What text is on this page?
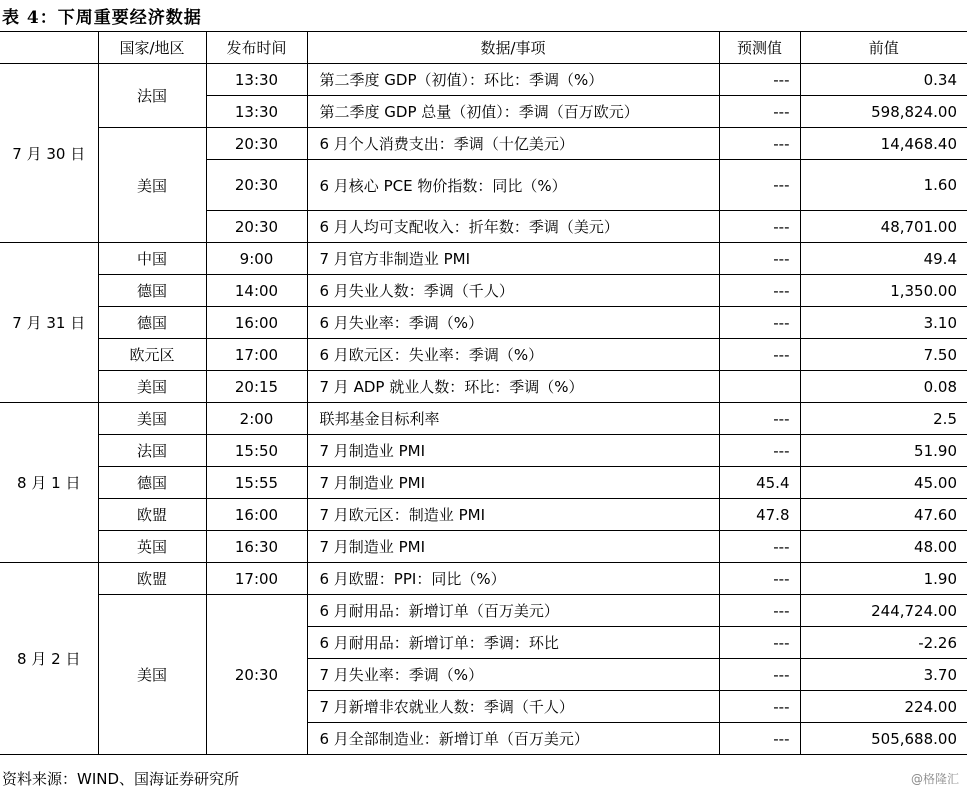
表 4：下周重要经济数据
	国家/地区	发布时间	数据/事项	预测值	前值
7 月 30 日	法国	13:30	第二季度 GDP（初值）：环比：季调（%）	---	0.34
		13:30	第二季度 GDP 总量（初值）：季调（百万欧元）	---	598,824.00
	美国	20:30	6 月个人消费支出：季调（十亿美元）	---	14,468.40
		20:30	6 月核心 PCE 物价指数：同比（%）	---	1.60
		20:30	6 月人均可支配收入：折年数：季调（美元）	---	48,701.00
7 月 31 日	中国	9:00	7 月官方非制造业 PMI	---	49.4
	德国	14:00	6 月失业人数：季调（千人）	---	1,350.00
	德国	16:00	6 月失业率：季调（%）	---	3.10
	欧元区	17:00	6 月欧元区：失业率：季调（%）	---	7.50
	美国	20:15	7 月 ADP 就业人数：环比：季调（%）		0.08
8 月 1 日	美国	2:00	联邦基金目标利率	---	2.5
	法国	15:50	7 月制造业 PMI	---	51.90
	德国	15:55	7 月制造业 PMI	45.4	45.00
	欧盟	16:00	7 月欧元区：制造业 PMI	47.8	47.60
	英国	16:30	7 月制造业 PMI	---	48.00
8 月 2 日	欧盟	17:00	6 月欧盟：PPI：同比（%）	---	1.90
	美国	20:30	6 月耐用品：新增订单（百万美元）	---	244,724.00
			6 月耐用品：新增订单：季调：环比	---	-2.26
			7 月失业率：季调（%）	---	3.70
			7 月新增非农就业人数：季调（千人）	---	224.00
			6 月全部制造业：新增订单（百万美元）	---	505,688.00
资料来源：WIND、国海证券研究所	@格隆汇
